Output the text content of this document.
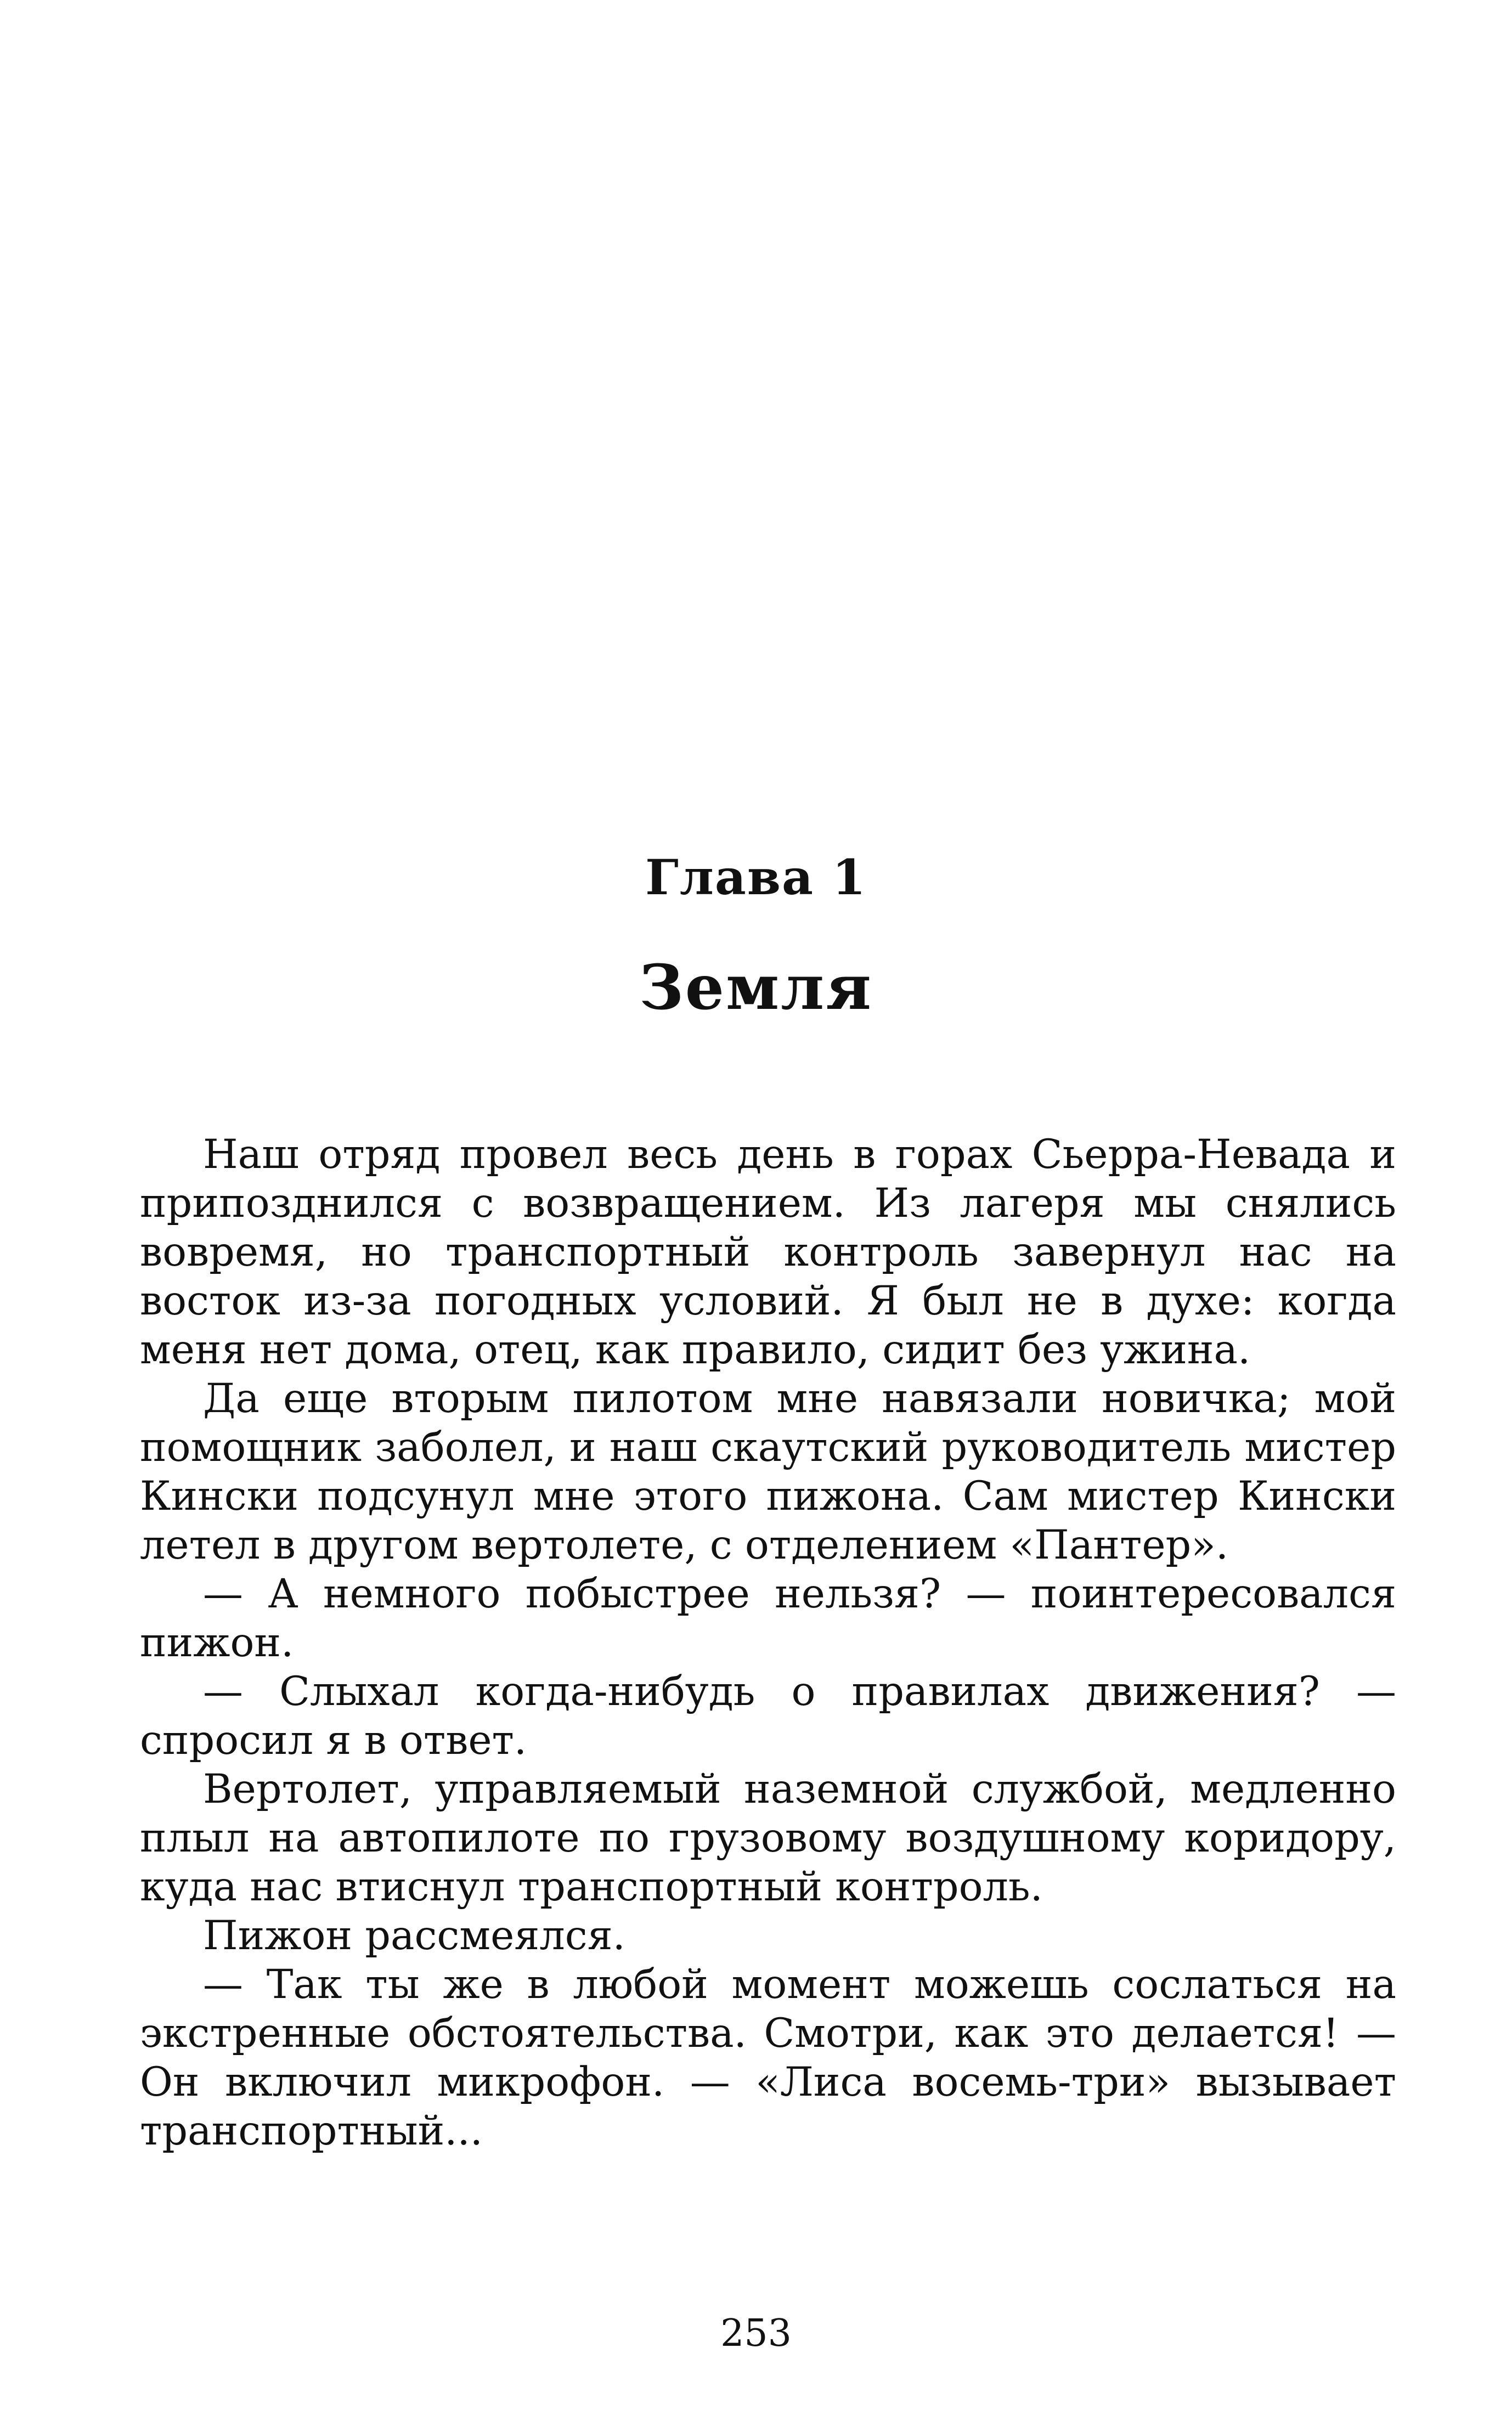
Глава 1
Земля

Наш отряд провел весь день в горах Сьерра-Невада и припозднился с возвращением. Из лагеря мы снялись вовремя, но транспортный контроль завернул нас на восток из-за погодных условий. Я был не в духе: когда меня нет дома, отец, как правило, сидит без ужина.

Да еще вторым пилотом мне навязали новичка; мой помощник заболел, и наш скаутский руководитель мистер Кински подсунул мне этого пижона. Сам мистер Кински летел в другом вертолете, с отделением «Пантер».

— А немного побыстрее нельзя? — поинтересовался пижон.

— Слыхал когда-нибудь о правилах движения? — спросил я в ответ.

Вертолет, управляемый наземной службой, медленно плыл на автопилоте по грузовому воздушному коридору, куда нас втиснул транспортный контроль.

Пижон рассмеялся.

— Так ты же в любой момент можешь сослаться на экстренные обстоятельства. Смотри, как это делается! — Он включил микрофон. — «Лиса восемь-три» вызывает транспортный...

253
